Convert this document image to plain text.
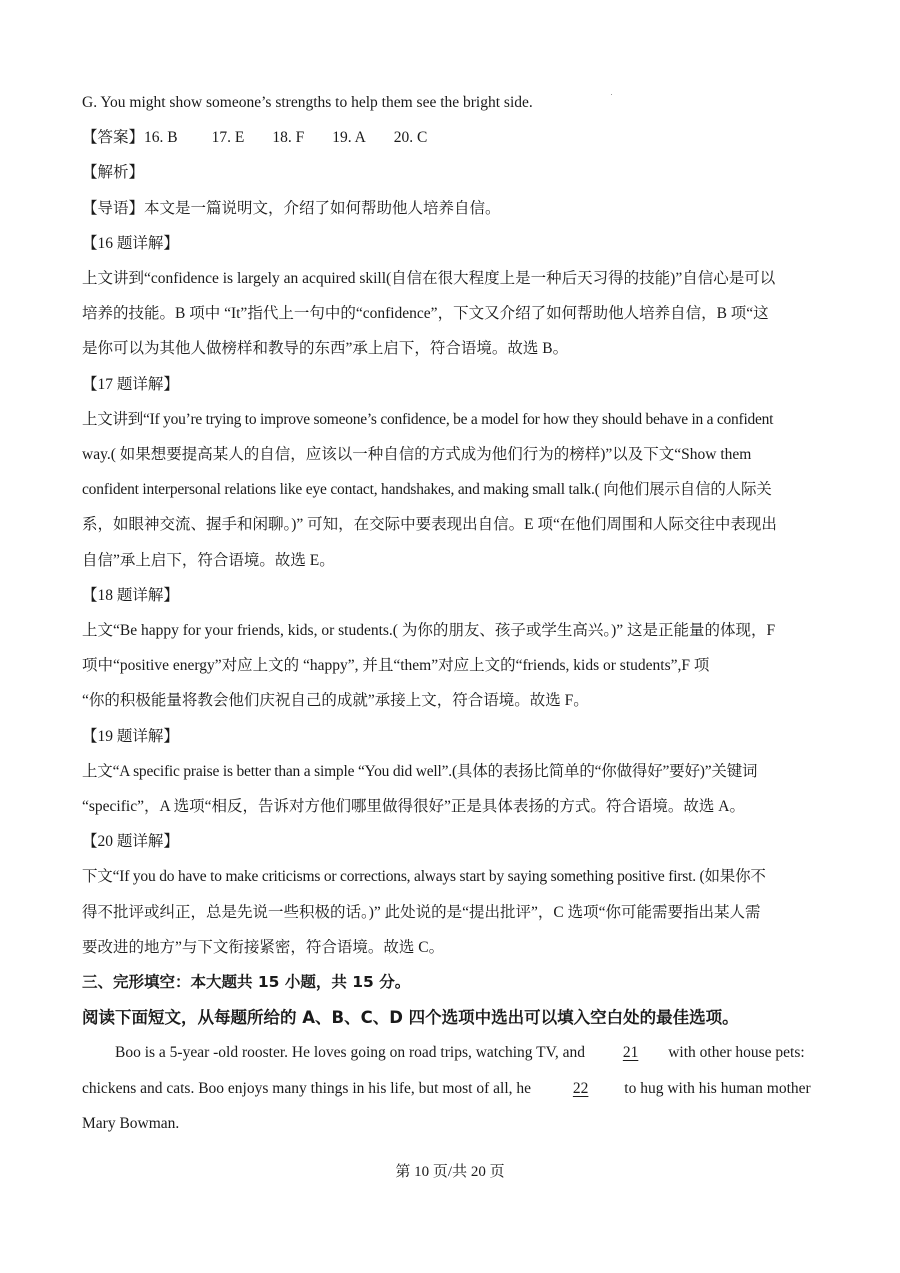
G. You might show someone’s strengths to help them see the bright side.
【答案】16. B 17. E 18. F 19. A 20. C
【解析】
【导语】本文是一篇说明文，介绍了如何帮助他人培养自信。
【16 题详解】
上文讲到“confidence is largely an acquired skill(自信在很大程度上是一种后天习得的技能)”自信心是可以
培养的技能。B 项中 “It”指代上一句中的“confidence”，下文又介绍了如何帮助他人培养自信，B 项“这
是你可以为其他人做榜样和教导的东西”承上启下，符合语境。故选 B。
【17 题详解】
上文讲到“If you’re trying to improve someone’s confidence, be a model for how they should behave in a confident
way.( 如果想要提高某人的自信，应该以一种自信的方式成为他们行为的榜样)”以及下文“Show them
confident interpersonal relations like eye contact, handshakes, and making small talk.( 向他们展示自信的人际关
系，如眼神交流、握手和闲聊。)” 可知，在交际中要表现出自信。E 项“在他们周围和人际交往中表现出
自信”承上启下，符合语境。故选 E。
【18 题详解】
上文“Be happy for your friends, kids, or students.( 为你的朋友、孩子或学生高兴。)” 这是正能量的体现，F
项中“positive energy”对应上文的 “happy”, 并且“them”对应上文的“friends, kids or students”,F 项
“你的积极能量将教会他们庆祝自己的成就”承接上文，符合语境。故选 F。
【19 题详解】
上文“A specific praise is better than a simple “You did well”.(具体的表扬比简单的“你做得好”要好)”关键词
“specific”，A 选项“相反，告诉对方他们哪里做得很好”正是具体表扬的方式。符合语境。故选 A。
【20 题详解】
下文“If you do have to make criticisms or corrections, always start by saying something positive first. (如果你不
得不批评或纠正，总是先说一些积极的话。)” 此处说的是“提出批评”，C 选项“你可能需要指出某人需
要改进的地方”与下文衔接紧密，符合语境。故选 C。
三、完形填空：本大题共 15 小题，共 15 分。
阅读下面短文，从每题所给的 A、B、C、D 四个选项中选出可以填入空白处的最佳选项。
Boo is a 5-year -old rooster. He loves going on road trips, watching TV, and 21 with other house pets:
chickens and cats. Boo enjoys many things in his life, but most of all, he 22 to hug with his human mother
Mary Bowman.
第 10 页/共 20 页
